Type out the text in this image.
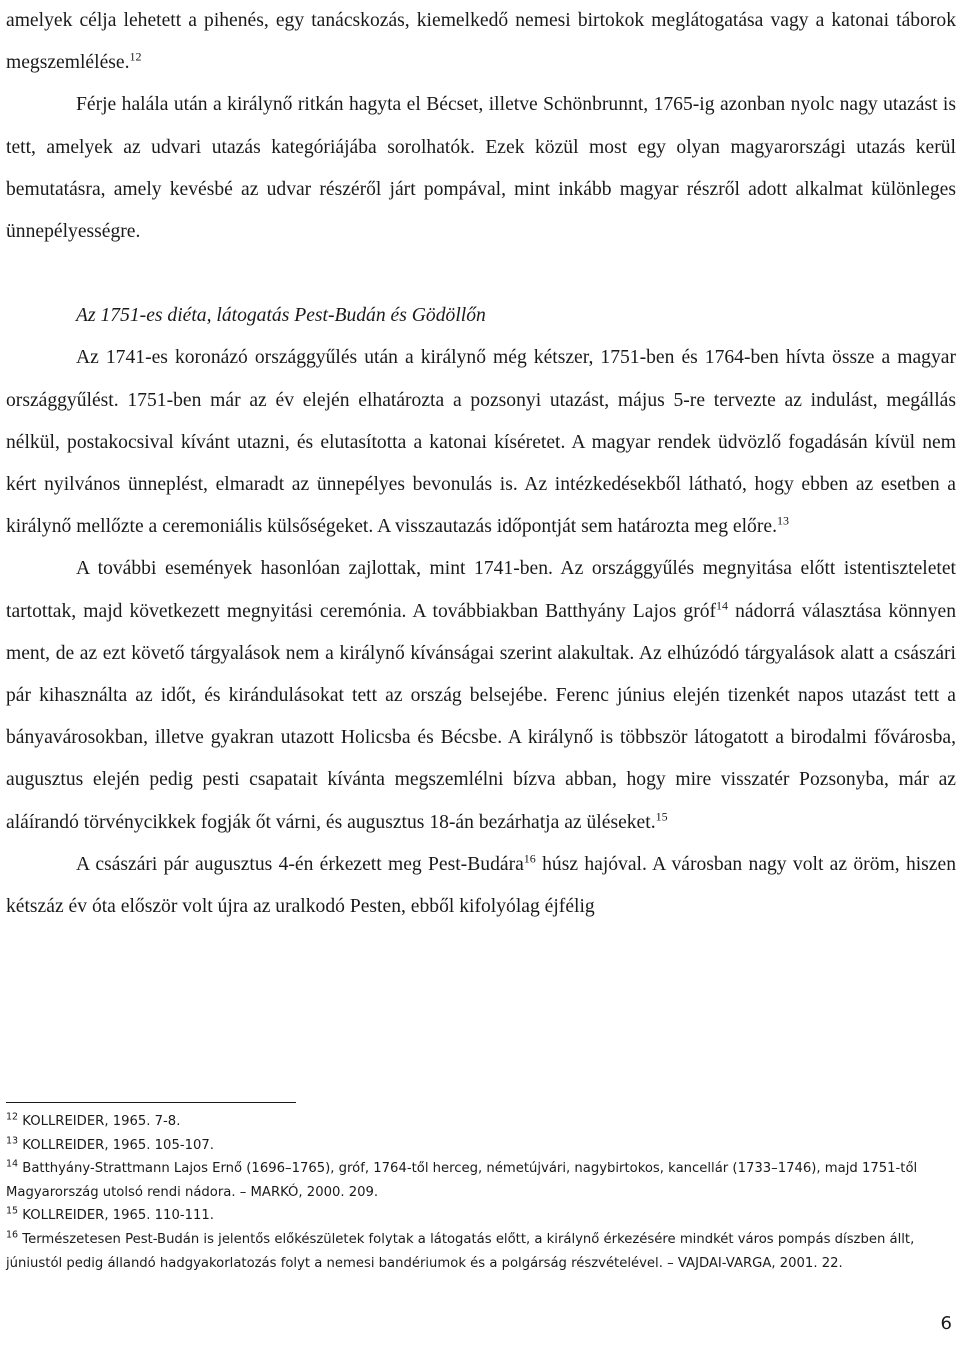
amelyek célja lehetett a pihenés, egy tanácskozás, kiemelkedő nemesi birtokok meglátogatása vagy a katonai táborok megszemlélése.$^{12}$

Férje halála után a királynő ritkán hagyta el Bécset, illetve Schönbrunnt, 1765-ig azonban nyolc nagy utazást is tett, amelyek az udvari utazás kategóriájába sorolhatók. Ezek közül most egy olyan magyarországi utazás kerül bemutatásra, amely kevésbé az udvar részéről járt pompával, mint inkább magyar részről adott alkalmat különleges ünnepélyességre.

Az 1751-es diéta, látogatás Pest-Budán és Gödöllőn

Az 1741-es koronázó országgyűlés után a királynő még kétszer, 1751-ben és 1764-ben hívta össze a magyar országgyűlést. 1751-ben már az év elején elhatározta a pozsonyi utazást, május 5-re tervezte az indulást, megállás nélkül, postakocsival kívánt utazni, és elutasította a katonai kíséretet. A magyar rendek üdvözlő fogadásán kívül nem kért nyilvános ünneplést, elmaradt az ünnepélyes bevonulás is. Az intézkedésekből látható, hogy ebben az esetben a királynő mellőzte a ceremoniális külsőségeket. A visszautazás időpontját sem határozta meg előre.$^{13}$

A további események hasonlóan zajlottak, mint 1741-ben. Az országgyűlés megnyitása előtt istentiszteletet tartottak, majd következett megnyitási ceremónia. A továbbiakban Batthyány Lajos gróf$^{14}$ nádorrá választása könnyen ment, de az ezt követő tárgyalások nem a királynő kívánságai szerint alakultak. Az elhúzódó tárgyalások alatt a császári pár kihasználta az időt, és kirándulásokat tett az ország belsejébe. Ferenc június elején tizenkét napos utazást tett a bányavárosokban, illetve gyakran utazott Holicsba és Bécsbe. A királynő is többször látogatott a birodalmi fővárosba, augusztus elején pedig pesti csapatait kívánta megszemlélni bízva abban, hogy mire visszatér Pozsonyba, már az aláírandó törvénycikkek fogják őt várni, és augusztus 18-án bezárhatja az üléseket.$^{15}$

A császári pár augusztus 4-én érkezett meg Pest-Budára$^{16}$ húsz hajóval. A városban nagy volt az öröm, hiszen kétszáz év óta először volt újra az uralkodó Pesten, ebből kifolyólag éjfélig

$^{12}$ KOLLREIDER, 1965. 7-8.

$^{13}$ KOLLREIDER, 1965. 105-107.

$^{14}$ Batthyány-Strattmann Lajos Ernő (1696–1765), gróf, 1764-től herceg, németújvári, nagybirtokos, kancellár (1733–1746), majd 1751-től Magyarország utolsó rendi nádora. – MARKÓ, 2000. 209.

$^{15}$ KOLLREIDER, 1965. 110-111.

$^{16}$ Természetesen Pest-Budán is jelentős előkészületek folytak a látogatás előtt, a királynő érkezésére mindkét város pompás díszben állt, júniustól pedig állandó hadgyakorlatozás folyt a nemesi bandériumok és a polgárság részvételével. – VAJDAI-VARGA, 2001. 22.

6
